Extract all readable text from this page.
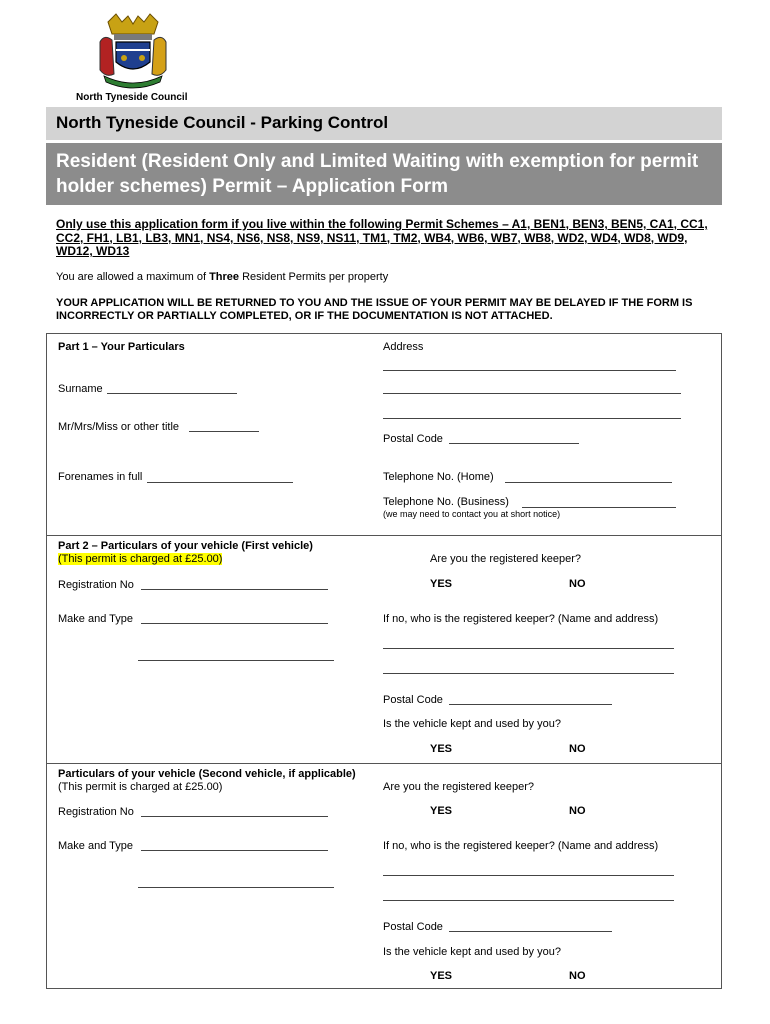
North Tyneside Council
North Tyneside Council - Parking Control
Resident (Resident Only and Limited Waiting with exemption for permit holder schemes) Permit – Application Form
Only use this application form if you live within the following Permit Schemes – A1, BEN1, BEN3, BEN5, CA1, CC1, CC2, FH1, LB1, LB3, MN1, NS4, NS6, NS8, NS9, NS11, TM1, TM2, WB4, WB6, WB7, WB8, WD2, WD4, WD8, WD9, WD12, WD13
You are allowed a maximum of Three Resident Permits per property
YOUR APPLICATION WILL BE RETURNED TO YOU AND THE ISSUE OF YOUR PERMIT MAY BE DELAYED IF THE FORM IS INCORRECTLY OR PARTIALLY COMPLETED, OR IF THE DOCUMENTATION IS NOT ATTACHED.
Part 1 – Your Particulars	Address
Surname
Mr/Mrs/Miss or other title
Postal Code
Forenames in full	Telephone No. (Home)
Telephone No. (Business)
(we may need to contact you at short notice)
Part 2 – Particulars of your vehicle (First vehicle)
(This permit is charged at £25.00)	Are you the registered keeper?
Registration No	YES	NO
Make and Type	If no, who is the registered keeper? (Name and address)
Postal Code
Is the vehicle kept and used by you?
YES	NO
Particulars of your vehicle (Second vehicle, if applicable)
(This permit is charged at £25.00)	Are you the registered keeper?
Registration No	YES	NO
Make and Type	If no, who is the registered keeper? (Name and address)
Postal Code
Is the vehicle kept and used by you?
YES	NO
